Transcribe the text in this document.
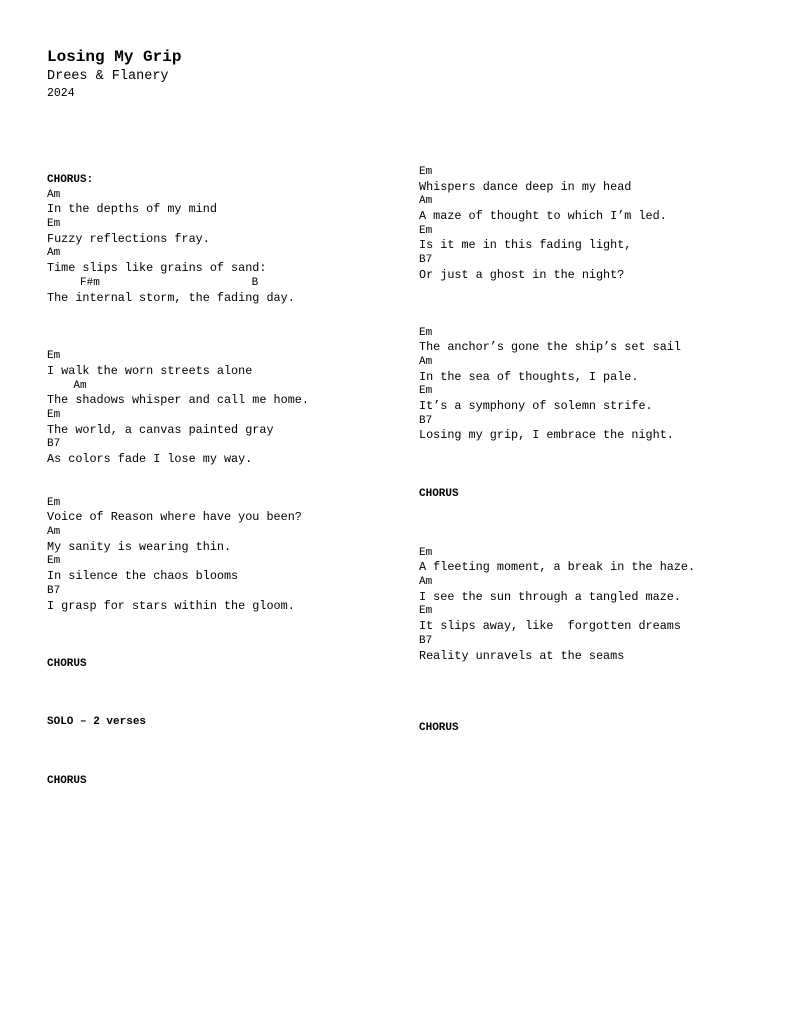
Losing My Grip
Drees & Flanery
2024
CHORUS:
Am
In the depths of my mind
Em
Fuzzy reflections fray.
Am
Time slips like grains of sand:
F#m                       B
The internal storm, the fading day.
Em
I walk the worn streets alone
Am
The shadows whisper and call me home.
Em
The world, a canvas painted gray
B7
As colors fade I lose my way.
Em
Voice of Reason where have you been?
Am
My sanity is wearing thin.
Em
In silence the chaos blooms
B7
I grasp for stars within the gloom.
CHORUS
SOLO – 2 verses
CHORUS
Em
Whispers dance deep in my head
Am
A maze of thought to which I’m led.
Em
Is it me in this fading light,
B7
Or just a ghost in the night?
Em
The anchor’s gone the ship’s set sail
Am
In the sea of thoughts, I pale.
Em
It’s a symphony of solemn strife.
B7
Losing my grip, I embrace the night.
CHORUS
Em
A fleeting moment, a break in the haze.
Am
I see the sun through a tangled maze.
Em
It slips away, like  forgotten dreams
B7
Reality unravels at the seams
CHORUS
